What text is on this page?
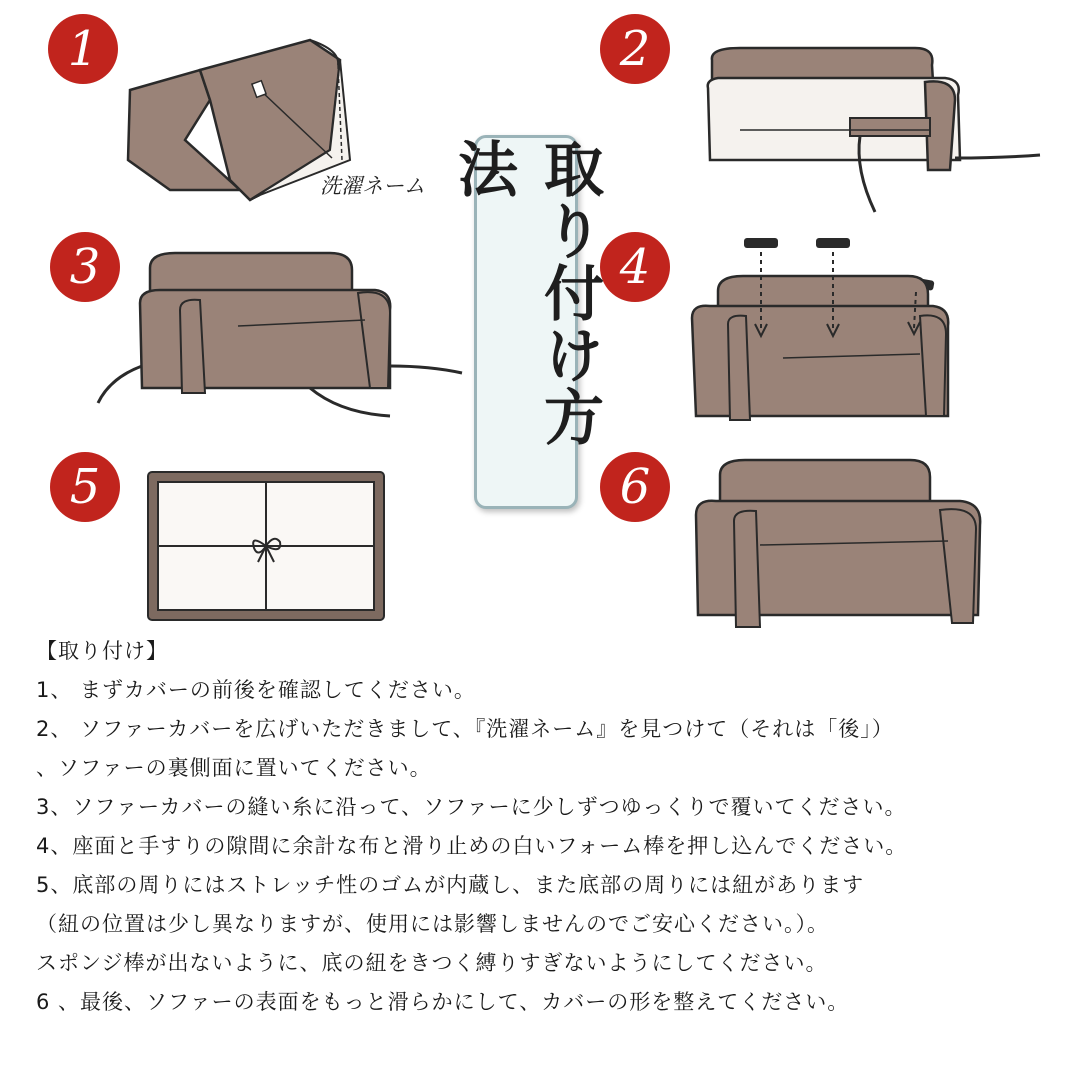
1	2
3	4
5	6
洗濯ネーム	取り付け方法

【取り付け】

1、 まずカバーの前後を確認してください。

2、 ソファーカバーを広げいただきまして、『洗濯ネーム』を見つけて（それは「後」）

、ソファーの裏側面に置いてください。

3、ソファーカバーの縫い糸に沿って、ソファーに少しずつゆっくりで覆いてください。

4、座面と手すりの隙間に余計な布と滑り止めの白いフォーム棒を押し込んでください。

5、底部の周りにはストレッチ性のゴムが内蔵し、また底部の周りには紐があります

（紐の位置は少し異なりますが、使用には影響しませんのでご安心ください。）。

スポンジ棒が出ないように、底の紐をきつく縛りすぎないようにしてください。

6 、最後、ソファーの表面をもっと滑らかにして、カバーの形を整えてください。
